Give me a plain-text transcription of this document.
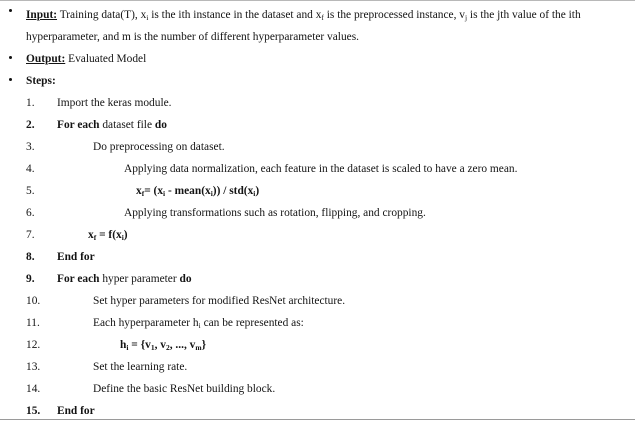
Input: Training data(T), $x_i$ is the ith instance in the dataset and $x_f$ is the preprocessed instance, $v_j$ is the jth value of the ith
hyperparameter, and m is the number of different hyperparameter values.
Output: Evaluated Model
Steps:
1.	Import the keras module.
2.	For each dataset file do
3.	Do preprocessing on dataset.
4.	Applying data normalization, each feature in the dataset is scaled to have a zero mean.
5.	$x_f= (x_i$ - $mean(x_i)) / std(x_i)$
6.	Applying transformations such as rotation, flipping, and cropping.
7.	$x_f = f(x_i)$
8.	End for
9.	For each hyper parameter do
10.	Set hyper parameters for modified ResNet architecture.
11.	Each hyperparameter $h_i$ can be represented as:
12.	$h_i = \{v_1$, $v_2$, ..., $v_m$}
13.	Set the learning rate.
14.	Define the basic ResNet building block.
15.	End for
